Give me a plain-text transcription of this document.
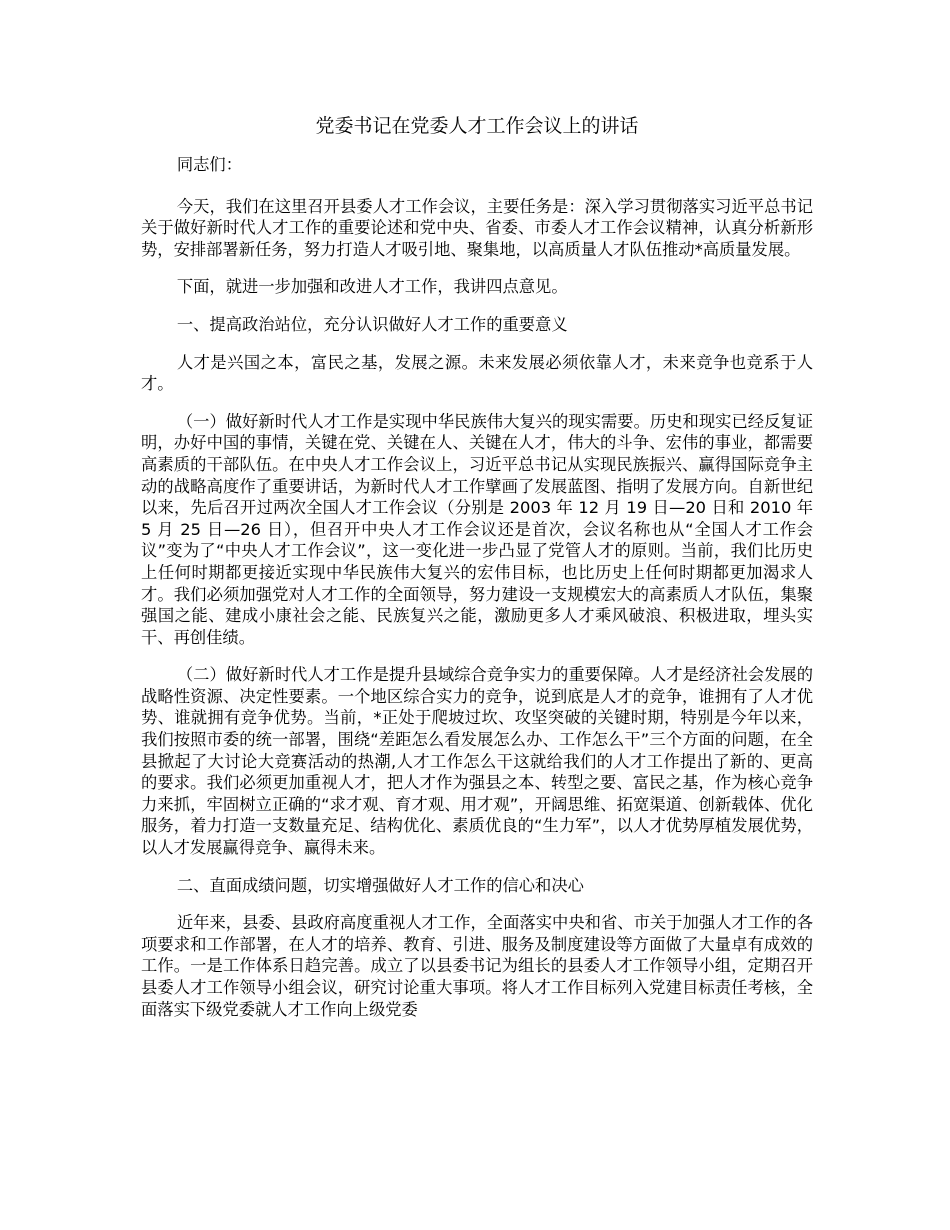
党委书记在党委人才工作会议上的讲话

同志们：

今天，我们在这里召开县委人才工作会议，主要任务是：深入学习贯彻落实习近平总书记关于做好新时代人才工作的重要论述和党中央、省委、市委人才工作会议精神，认真分析新形势，安排部署新任务，努力打造人才吸引地、聚集地，以高质量人才队伍推动*高质量发展。

下面，就进一步加强和改进人才工作，我讲四点意见。

一、提高政治站位，充分认识做好人才工作的重要意义

人才是兴国之本，富民之基，发展之源。未来发展必须依靠人才，未来竞争也竞系于人才。

（一）做好新时代人才工作是实现中华民族伟大复兴的现实需要。历史和现实已经反复证明，办好中国的事情，关键在党、关键在人、关键在人才，伟大的斗争、宏伟的事业，都需要高素质的干部队伍。在中央人才工作会议上，习近平总书记从实现民族振兴、赢得国际竞争主动的战略高度作了重要讲话，为新时代人才工作擘画了发展蓝图、指明了发展方向。自新世纪以来，先后召开过两次全国人才工作会议（分别是 2003 年 12 月 19 日—20 日和 2010 年 5 月 25 日—26 日），但召开中央人才工作会议还是首次，会议名称也从“全国人才工作会议”变为了“中央人才工作会议”，这一变化进一步凸显了党管人才的原则。当前，我们比历史上任何时期都更接近实现中华民族伟大复兴的宏伟目标，也比历史上任何时期都更加渴求人才。我们必须加强党对人才工作的全面领导，努力建设一支规模宏大的高素质人才队伍，集聚强国之能、建成小康社会之能、民族复兴之能，激励更多人才乘风破浪、积极进取，埋头实干、再创佳绩。

（二）做好新时代人才工作是提升县域综合竞争实力的重要保障。人才是经济社会发展的战略性资源、决定性要素。一个地区综合实力的竞争，说到底是人才的竞争，谁拥有了人才优势、谁就拥有竞争优势。当前，*正处于爬坡过坎、攻坚突破的关键时期，特别是今年以来，我们按照市委的统一部署，围绕“差距怎么看发展怎么办、工作怎么干”三个方面的问题，在全县掀起了大讨论大竞赛活动的热潮,人才工作怎么干这就给我们的人才工作提出了新的、更高的要求。我们必须更加重视人才，把人才作为强县之本、转型之要、富民之基，作为核心竞争力来抓，牢固树立正确的“求才观、育才观、用才观”，开阔思维、拓宽渠道、创新载体、优化服务，着力打造一支数量充足、结构优化、素质优良的“生力军”，以人才优势厚植发展优势，以人才发展赢得竞争、赢得未来。

二、直面成绩问题，切实增强做好人才工作的信心和决心

近年来，县委、县政府高度重视人才工作，全面落实中央和省、市关于加强人才工作的各项要求和工作部署，在人才的培养、教育、引进、服务及制度建设等方面做了大量卓有成效的工作。一是工作体系日趋完善。成立了以县委书记为组长的县委人才工作领导小组，定期召开县委人才工作领导小组会议，研究讨论重大事项。将人才工作目标列入党建目标责任考核，全面落实下级党委就人才工作向上级党委
